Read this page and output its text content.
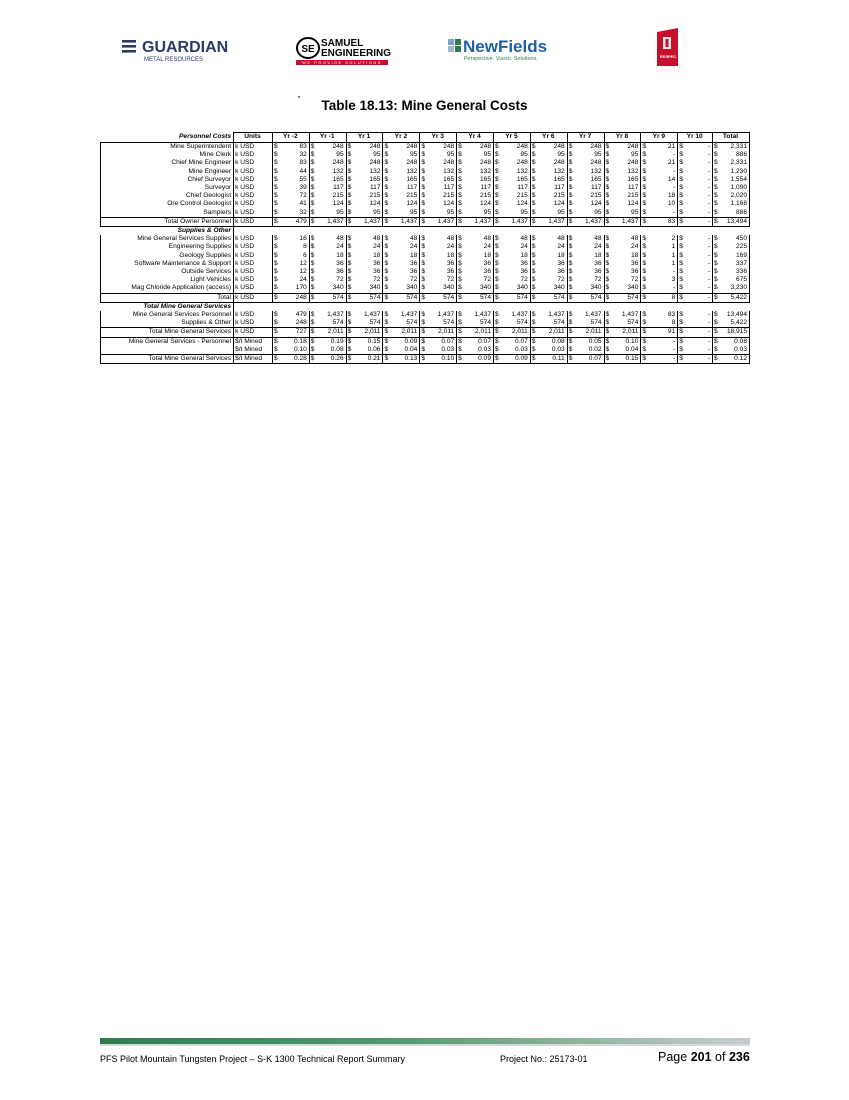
GUARDIAN
METAL RESOURCES
SE
SAMUEL
ENGINEERING
WE PROVIDE SOLUTIONS
NewFields
Perspective. Vision. Solutions.	RESPEC
Table 18.13: Mine General Costs
Personnel Costs	Units	Yr -2	Yr -1	Yr 1	Yr 2	Yr 3	Yr 4	Yr 5	Yr 6	Yr 7	Yr 8	Yr 9	Yr 10	Total
Mine Superintendent	k USD	$ 83	$ 248	$ 248	$ 248	$ 248	$ 248	$ 248	$ 248	$ 248	$ 248	$ 21	$ -	$ 2,331

Mine Clerk	k USD	$ 32	$ 95	$ 95	$ 95	$ 95	$ 95	$ 95	$ 95	$ 95	$ 95	$ -	$ -	$ 886

Chief Mine Engineer	k USD	$ 83	$ 248	$ 248	$ 248	$ 248	$ 248	$ 248	$ 248	$ 248	$ 248	$ 21	$ -	$ 2,331

Mine Engineer	k USD	$ 44	$ 132	$ 132	$ 132	$ 132	$ 132	$ 132	$ 132	$ 132	$ 132	$ -	$ -	$ 1,230

Chief Surveyor	k USD	$ 55	$ 165	$ 165	$ 165	$ 165	$ 165	$ 165	$ 165	$ 165	$ 165	$ 14	$ -	$ 1,554

Surveyor	k USD	$ 39	$ 117	$ 117	$ 117	$ 117	$ 117	$ 117	$ 117	$ 117	$ 117	$ -	$ -	$ 1,090

Chief Geologist	k USD	$ 72	$ 215	$ 215	$ 215	$ 215	$ 215	$ 215	$ 215	$ 215	$ 215	$ 18	$ -	$ 2,020

Ore Control Geologist	k USD	$ 41	$ 124	$ 124	$ 124	$ 124	$ 124	$ 124	$ 124	$ 124	$ 124	$ 10	$ -	$ 1,168

Samplers	k USD	$ 32	$ 95	$ 95	$ 95	$ 95	$ 95	$ 95	$ 95	$ 95	$ 95	$ -	$ -	$ 886

Total Owner Personnel	k USD	$ 479	$ 1,437	$ 1,437	$ 1,437	$ 1,437	$ 1,437	$ 1,437	$ 1,437	$ 1,437	$ 1,437	$ 83	$ -	$ 13,494

Supplies & Other														
Mine General Services Supplies	k USD	$ 16	$ 48	$ 48	$ 48	$ 48	$ 48	$ 48	$ 48	$ 48	$ 48	$ 2	$ -	$ 450

Engineering Supplies	k USD	$ 8	$ 24	$ 24	$ 24	$ 24	$ 24	$ 24	$ 24	$ 24	$ 24	$ 1	$ -	$ 225

Geology Supplies	k USD	$ 6	$ 18	$ 18	$ 18	$ 18	$ 18	$ 18	$ 18	$ 18	$ 18	$ 1	$ -	$ 169

Software Maintenance & Support	k USD	$ 12	$ 36	$ 36	$ 36	$ 36	$ 36	$ 36	$ 36	$ 36	$ 36	$ 1	$ -	$ 337

Outside Services	k USD	$ 12	$ 36	$ 36	$ 36	$ 36	$ 36	$ 36	$ 36	$ 36	$ 36	$ -	$ -	$ 336

Light Vehicles	k USD	$ 24	$ 72	$ 72	$ 72	$ 72	$ 72	$ 72	$ 72	$ 72	$ 72	$ 3	$ -	$ 675

Mag Chloride Application (access)	k USD	$ 170	$ 340	$ 340	$ 340	$ 340	$ 340	$ 340	$ 340	$ 340	$ 340	$ -	$ -	$ 3,230

Total	k USD	$ 248	$ 574	$ 574	$ 574	$ 574	$ 574	$ 574	$ 574	$ 574	$ 574	$ 8	$ -	$ 5,422

Total Mine General Services														
Mine General Services Personnel	k USD	$ 479	$ 1,437	$ 1,437	$ 1,437	$ 1,437	$ 1,437	$ 1,437	$ 1,437	$ 1,437	$ 1,437	$ 83	$ -	$ 13,494

Supplies & Other	k USD	$ 248	$ 574	$ 574	$ 574	$ 574	$ 574	$ 574	$ 574	$ 574	$ 574	$ 8	$ -	$ 5,422

Total Mine General Services	k USD	$ 727	$ 2,011	$ 2,011	$ 2,011	$ 2,011	$ 2,011	$ 2,011	$ 2,011	$ 2,011	$ 2,011	$ 91	$ -	$ 18,915

Mine General Services - Personnel	$/t Mined	$ 0.18	$ 0.19	$ 0.15	$ 0.09	$ 0.07	$ 0.07	$ 0.07	$ 0.08	$ 0.05	$ 0.10	$ -	$ -	$ 0.08

	$/t Mined	$ 0.10	$ 0.08	$ 0.06	$ 0.04	$ 0.03	$ 0.03	$ 0.03	$ 0.03	$ 0.02	$ 0.04	$ -	$ -	$ 0.03

Total Mine General Services	$/t Mined	$ 0.28	$ 0.26	$ 0.21	$ 0.13	$ 0.10	$ 0.09	$ 0.09	$ 0.11	$ 0.07	$ 0.15	$ -	$ -	$ 0.12
PFS Pilot Mountain Tungsten Project – S-K 1300 Technical Report Summary	Project No.: 25173-01	Page 201 of 236
